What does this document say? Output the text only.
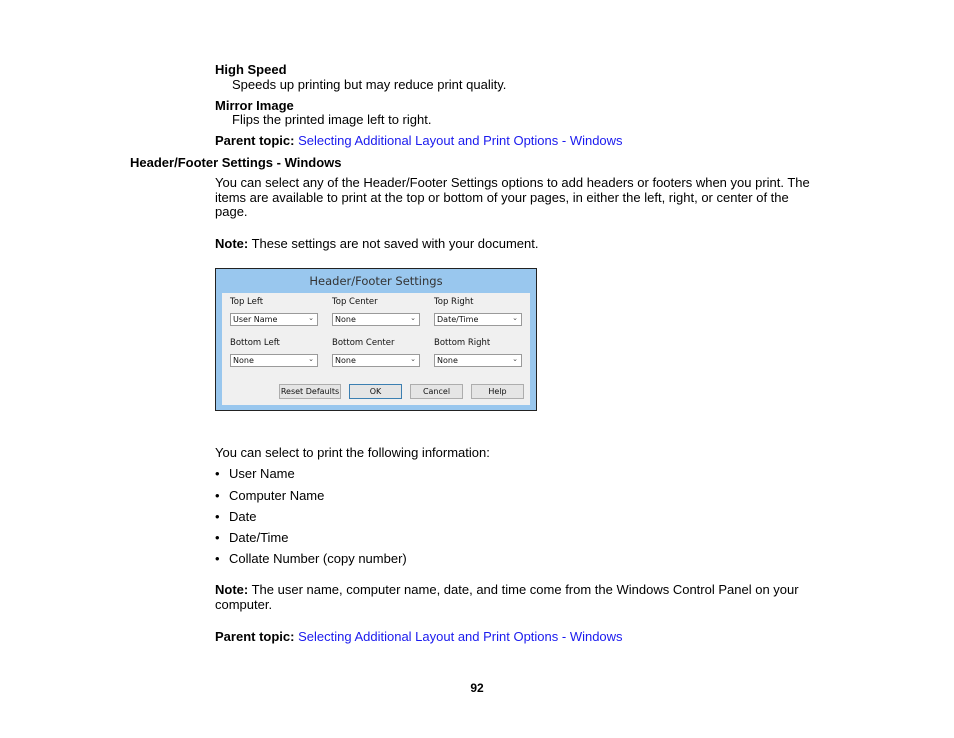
High Speed
Speeds up printing but may reduce print quality.
Mirror Image
Flips the printed image left to right.
Parent topic: Selecting Additional Layout and Print Options - Windows
Header/Footer Settings - Windows
You can select any of the Header/Footer Settings options to add headers or footers when you print. The items are available to print at the top or bottom of your pages, in either the left, right, or center of the page.
Note: These settings are not saved with your document.
Header/Footer Settings
Top Left
User Name	⌄
Top Center
None	⌄
Top Right
Date/Time	⌄
Bottom Left
None	⌄
Bottom Center
None	⌄
Bottom Right
None	⌄
Reset Defaults	OK	Cancel	Help
You can select to print the following information:
• User Name
• Computer Name
• Date
• Date/Time
• Collate Number (copy number)
Note: The user name, computer name, date, and time come from the Windows Control Panel on your computer.
Parent topic: Selecting Additional Layout and Print Options - Windows
92
